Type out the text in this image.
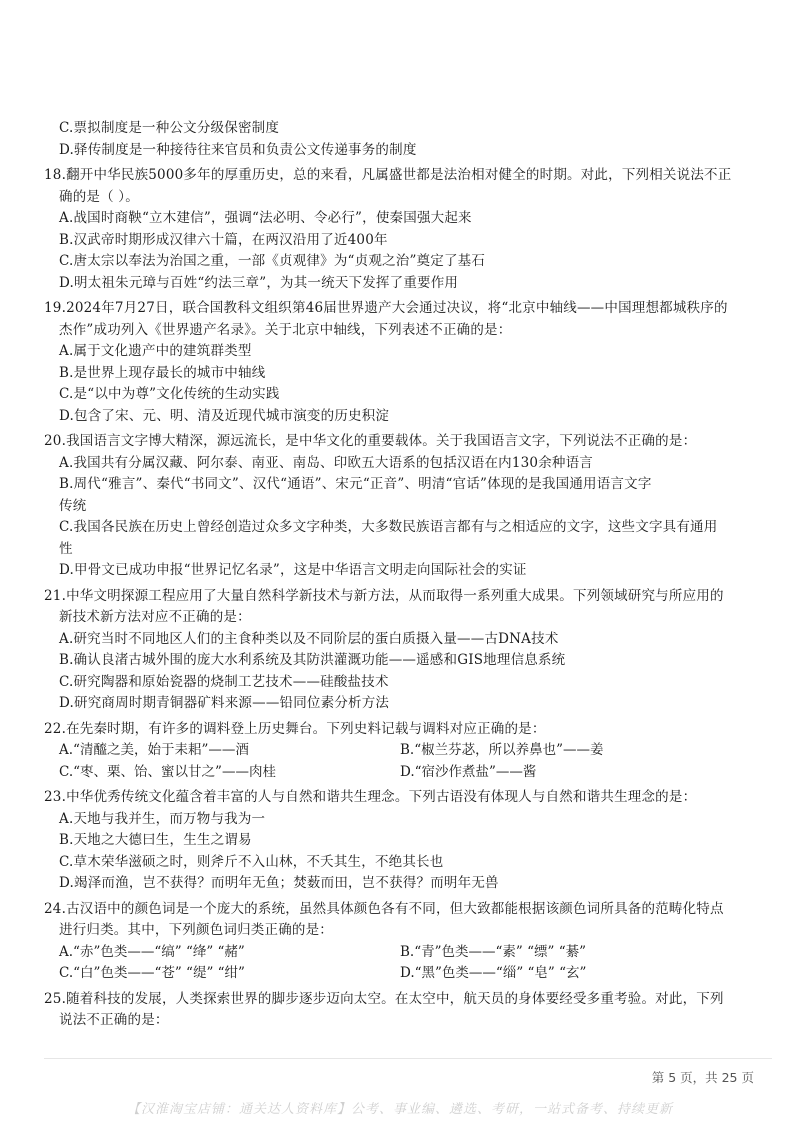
C.票拟制度是一种公文分级保密制度
D.驿传制度是一种接待往来官员和负责公文传递事务的制度
18.翻开中华民族5000多年的厚重历史，总的来看，凡属盛世都是法治相对健全的时期。对此，下列相关说法不正
确的是（ ）。
A.战国时商鞅“立木建信”，强调“法必明、令必行”，使秦国强大起来
B.汉武帝时期形成汉律六十篇，在两汉沿用了近400年
C.唐太宗以奉法为治国之重，一部《贞观律》为“贞观之治”奠定了基石
D.明太祖朱元璋与百姓“约法三章”，为其一统天下发挥了重要作用
19.2024年7月27日，联合国教科文组织第46届世界遗产大会通过决议，将“北京中轴线——中国理想都城秩序的
杰作”成功列入《世界遗产名录》。关于北京中轴线，下列表述不正确的是：
A.属于文化遗产中的建筑群类型
B.是世界上现存最长的城市中轴线
C.是“以中为尊”文化传统的生动实践
D.包含了宋、元、明、清及近现代城市演变的历史积淀
20.我国语言文字博大精深，源远流长，是中华文化的重要载体。关于我国语言文字，下列说法不正确的是：
A.我国共有分属汉藏、阿尔泰、南亚、南岛、印欧五大语系的包括汉语在内130余种语言
B.周代“雅言”、秦代“书同文”、汉代“通语”、宋元“正音”、明清“官话”体现的是我国通用语言文字
传统
C.我国各民族在历史上曾经创造过众多文字种类，大多数民族语言都有与之相适应的文字，这些文字具有通用
性
D.甲骨文已成功申报“世界记忆名录”，这是中华语言文明走向国际社会的实证
21.中华文明探源工程应用了大量自然科学新技术与新方法，从而取得一系列重大成果。下列领域研究与所应用的
新技术新方法对应不正确的是：
A.研究当时不同地区人们的主食种类以及不同阶层的蛋白质摄入量——古DNA技术
B.确认良渚古城外围的庞大水利系统及其防洪灌溉功能——遥感和GIS地理信息系统
C.研究陶器和原始瓷器的烧制工艺技术——硅酸盐技术
D.研究商周时期青铜器矿料来源——铅同位素分析方法
22.在先秦时期，有许多的调料登上历史舞台。下列史料记载与调料对应正确的是：
A.“清醯之美，始于耒耜”——酒	B.“椒兰芬苾，所以养鼻也”——姜
C.“枣、栗、饴、蜜以甘之”——肉桂	D.“宿沙作煮盐”——酱
23.中华优秀传统文化蕴含着丰富的人与自然和谐共生理念。下列古语没有体现人与自然和谐共生理念的是：
A.天地与我并生，而万物与我为一
B.天地之大德曰生，生生之谓易
C.草木荣华滋硕之时，则斧斤不入山林，不夭其生，不绝其长也
D.竭泽而渔，岂不获得？而明年无鱼；焚薮而田，岂不获得？而明年无兽
24.古汉语中的颜色词是一个庞大的系统，虽然具体颜色各有不同，但大致都能根据该颜色词所具备的范畴化特点
进行归类。其中，下列颜色词归类正确的是：
A.“赤”色类——“缟” “绛” “赭”	B.“青”色类——“素” “缥” “綦”
C.“白”色类——“苍” “缇” “绀”	D.“黑”色类——“缁” “皂” “玄”
25.随着科技的发展，人类探索世界的脚步逐步迈向太空。在太空中，航天员的身体要经受多重考验。对此，下列
说法不正确的是：
第 5 页，共 25 页
【汉淮淘宝店铺：通关达人资料库】公考、事业编、遴选、考研，一站式备考、持续更新
